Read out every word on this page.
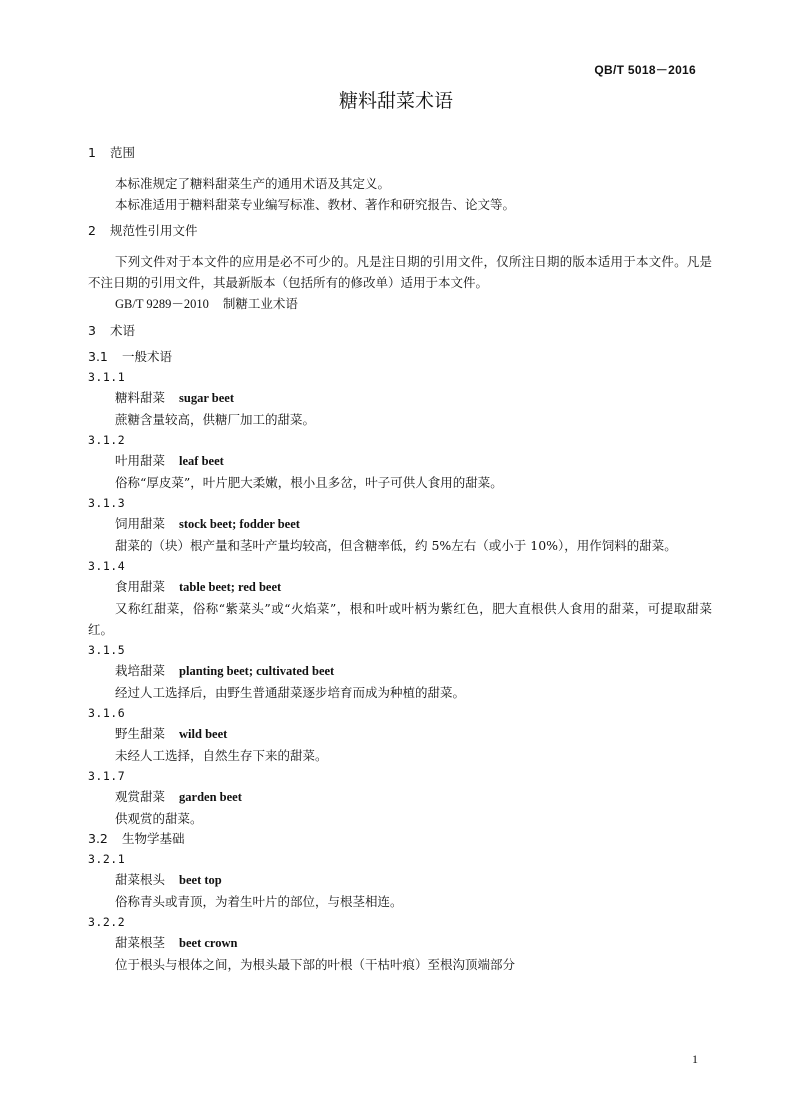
QB/T 5018－2016
糖料甜菜术语
1 范围
本标准规定了糖料甜菜生产的通用术语及其定义。
本标准适用于糖料甜菜专业编写标准、教材、著作和研究报告、论文等。
2 规范性引用文件
下列文件对于本文件的应用是必不可少的。凡是注日期的引用文件，仅所注日期的版本适用于本文件。凡是不注日期的引用文件，其最新版本（包括所有的修改单）适用于本文件。
GB/T 9289－2010 制糖工业术语
3 术语
3.1 一般术语
3.1.1
糖料甜菜 sugar beet
蔗糖含量较高，供糖厂加工的甜菜。
3.1.2
叶用甜菜 leaf beet
俗称“厚皮菜”，叶片肥大柔嫩，根小且多岔，叶子可供人食用的甜菜。
3.1.3
饲用甜菜 stock beet; fodder beet
甜菜的（块）根产量和茎叶产量均较高，但含糖率低，约 5%左右（或小于 10%），用作饲料的甜菜。
3.1.4
食用甜菜 table beet; red beet
又称红甜菜，俗称“紫菜头”或“火焰菜”，根和叶或叶柄为紫红色，肥大直根供人食用的甜菜，可提取甜菜红。
3.1.5
栽培甜菜 planting beet; cultivated beet
经过人工选择后，由野生普通甜菜逐步培育而成为种植的甜菜。
3.1.6
野生甜菜 wild beet
未经人工选择，自然生存下来的甜菜。
3.1.7
观赏甜菜 garden beet
供观赏的甜菜。
3.2 生物学基础
3.2.1
甜菜根头 beet top
俗称青头或青顶，为着生叶片的部位，与根茎相连。
3.2.2
甜菜根茎 beet crown
位于根头与根体之间，为根头最下部的叶根（干枯叶痕）至根沟顶端部分
1
